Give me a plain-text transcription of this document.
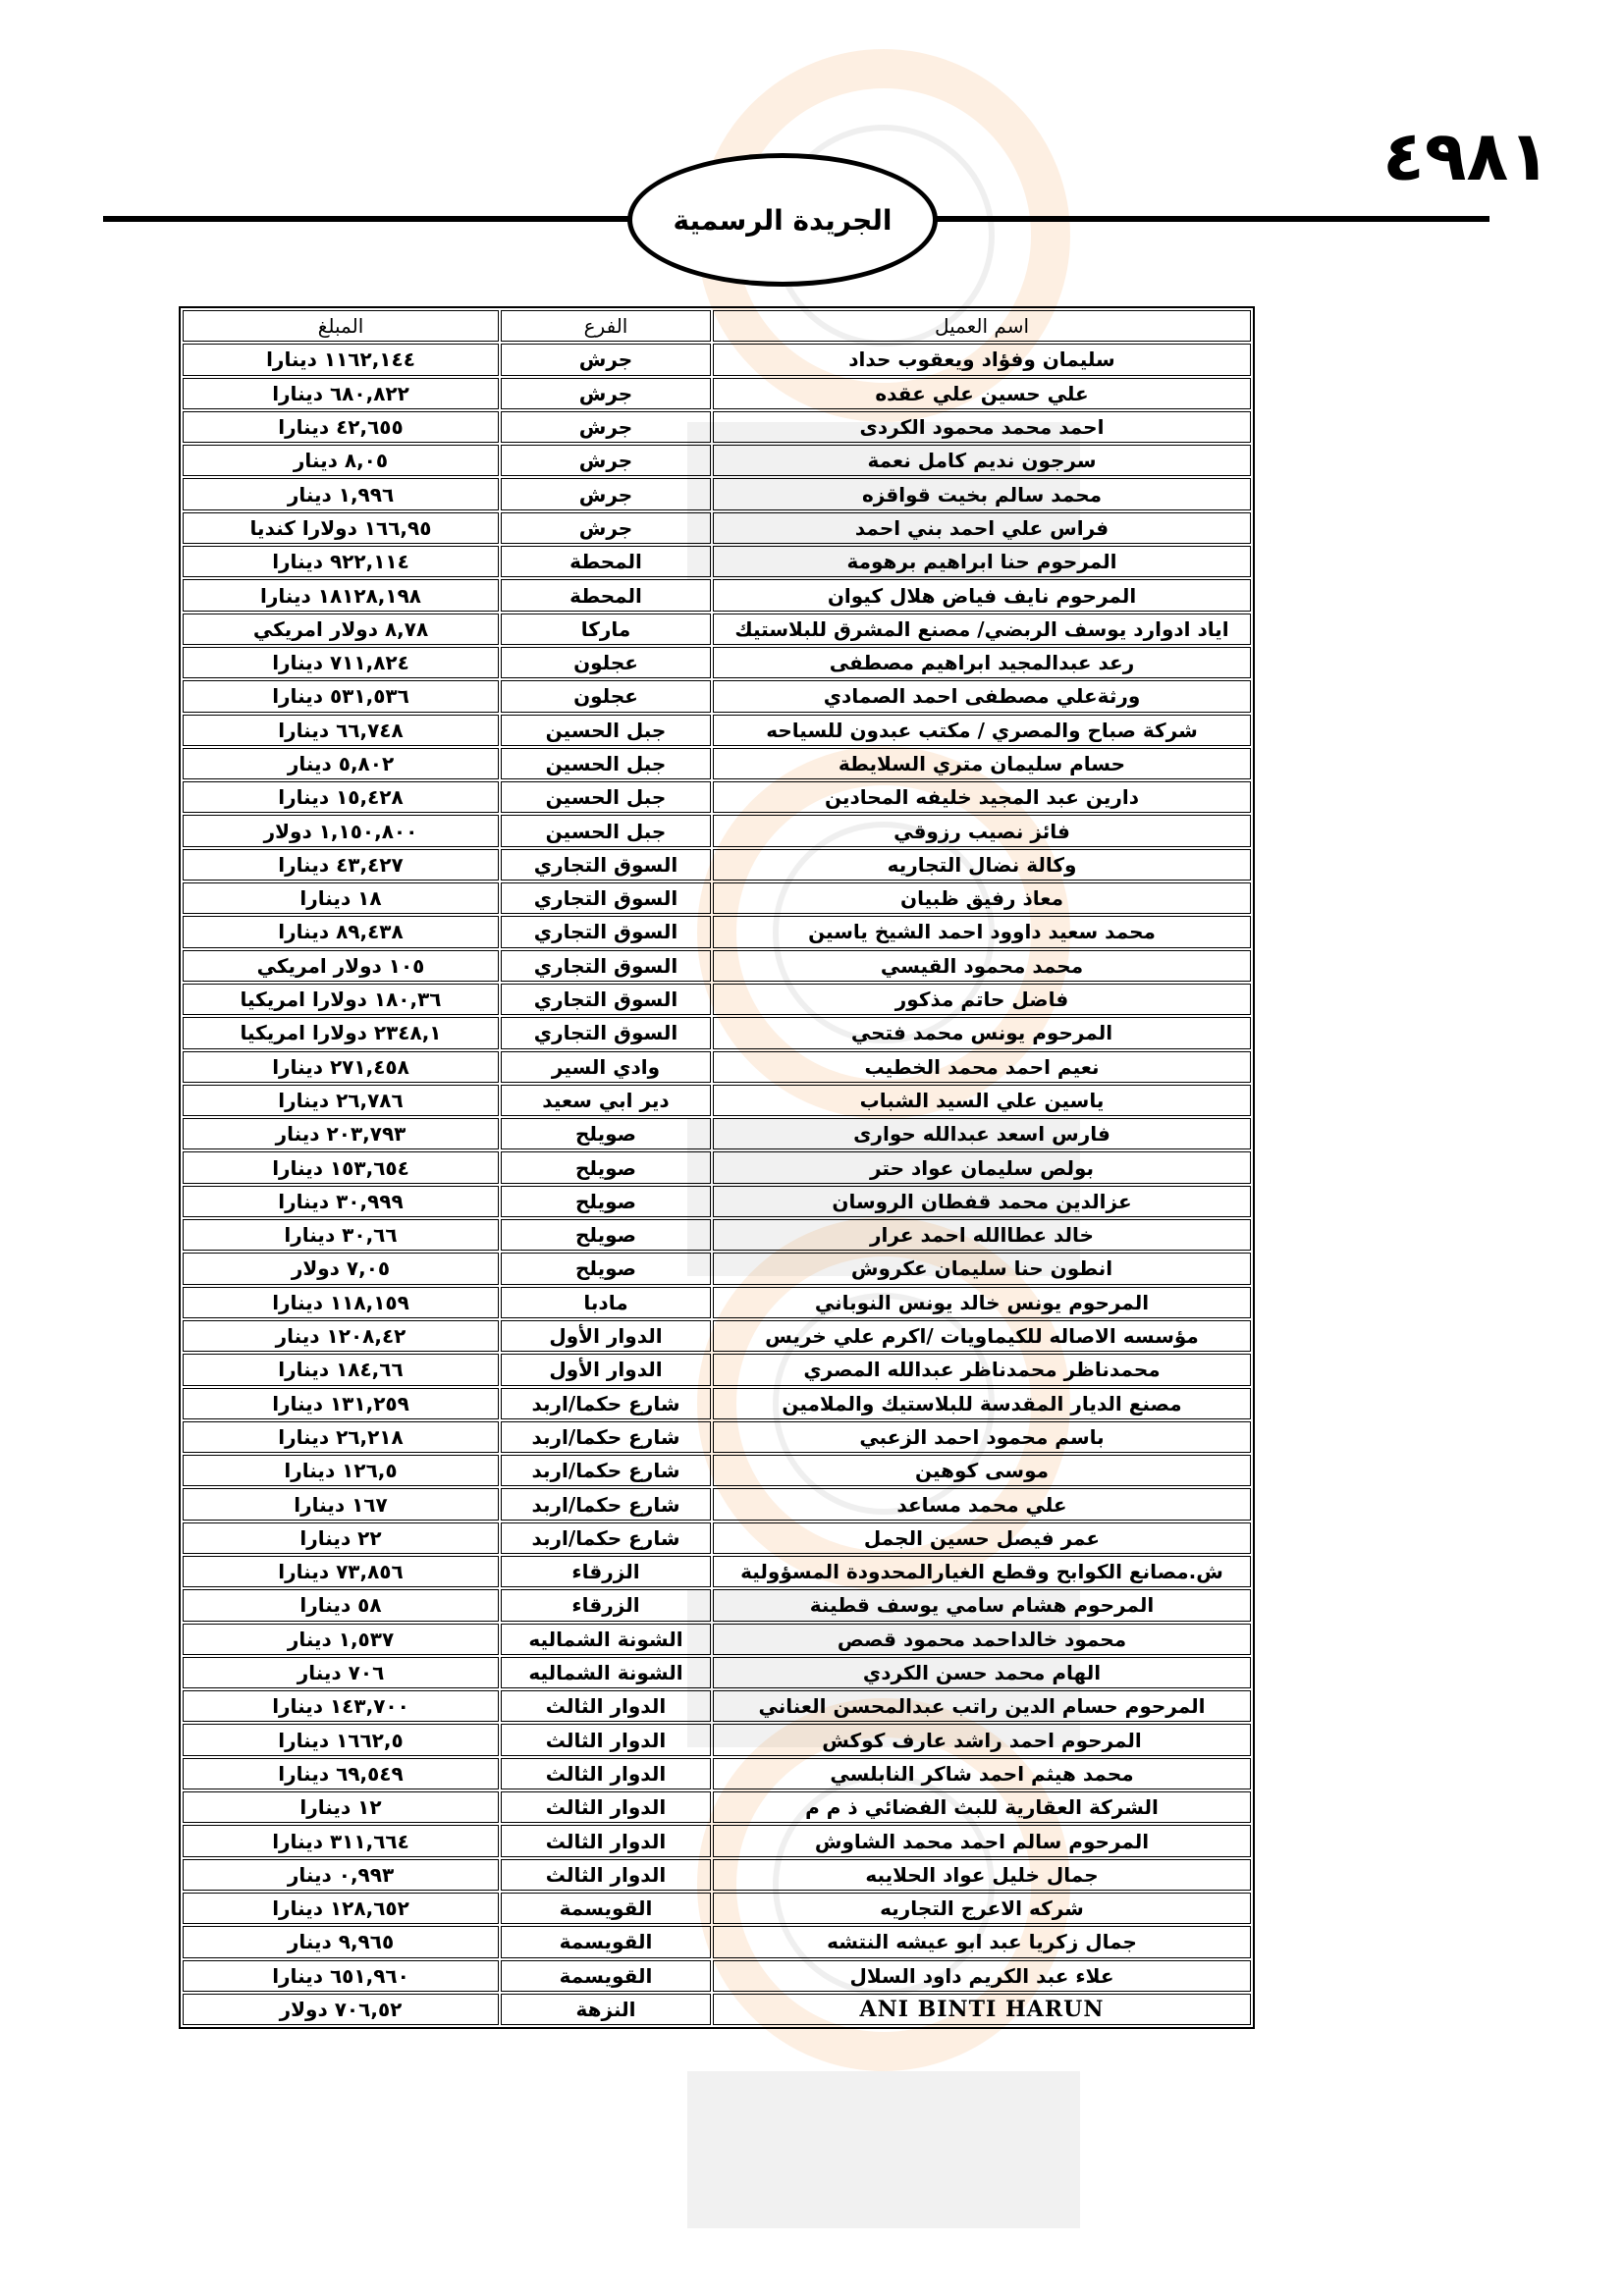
٤٩٨١
الجريدة الرسمية
اسم العميل	الفرع	المبلغ
سليمان وفؤاد ويعقوب حداد	جرش	١١٦٢,١٤٤ دينارا
علي حسين علي عقده	جرش	٦٨٠,٨٢٢ دينارا
احمد محمد محمود الكردى	جرش	٤٢,٦٥٥ دينارا
سرجون نديم كامل نعمة	جرش	٨,٠٥ دينار
محمد سالم بخيت قواقزه	جرش	١,٩٩٦ دينار
فراس علي احمد بني احمد	جرش	١٦٦,٩٥ دولارا كنديا
المرحوم حنا ابراهيم برهومة	المحطة	٩٢٢,١١٤ دينارا
المرحوم نايف فياض هلال كيوان	المحطة	١٨١٢٨,١٩٨ دينارا
اياد ادوارد يوسف الربضي/ مصنع المشرق للبلاستيك	ماركا	٨,٧٨ دولار امريكي
رعد عبدالمجيد ابراهيم مصطفى	عجلون	٧١١,٨٢٤ دينارا
ورثةعلي مصطفى احمد الصمادي	عجلون	٥٣١,٥٣٦ دينارا
شركة صباح والمصري / مكتب عبدون للسياحه	جبل الحسين	٦٦,٧٤٨ دينارا
حسام سليمان متري السلايطة	جبل الحسين	٥,٨٠٢ دينار
دارين عبد المجيد خليفه المحادين	جبل الحسين	١٥,٤٢٨ دينارا
فائز نصيب رزوقي	جبل الحسين	١,١٥٠,٨٠٠ دولار
وكالة نضال التجاريه	السوق التجاري	٤٣,٤٢٧ دينارا
معاذ رفيق ظبيان	السوق التجاري	١٨ دينارا
محمد سعيد داوود احمد الشيخ ياسين	السوق التجاري	٨٩,٤٣٨ دينارا
محمد محمود القيسي	السوق التجاري	١٠٥ دولار امريكي
فاضل حاتم مذكور	السوق التجاري	١٨٠,٣٦ دولارا امريكيا
المرحوم يونس محمد فتحي	السوق التجاري	٢٣٤٨,١ دولارا امريكيا
نعيم احمد محمد الخطيب	وادي السير	٢٧١,٤٥٨ دينارا
ياسين علي السيد الشباب	دير ابي سعيد	٢٦,٧٨٦ دينارا
فارس اسعد عبدالله حوارى	صويلح	٢٠٣,٧٩٣ دينار
بولص سليمان عواد حتر	صويلح	١٥٣,٦٥٤ دينارا
عزالدين محمد قفطان الروسان	صويلح	٣٠,٩٩٩ دينارا
خالد عطاالله احمد عرار	صويلح	٣٠,٦٦ دينارا
انطون حنا سليمان عكروش	صويلح	٧,٠٥ دولار
المرحوم يونس خالد يونس النوباني	مادبا	١١٨,١٥٩ دينارا
مؤسسه الاصاله للكيماويات /اكرم علي خريس	الدوار الأول	١٢٠٨,٤٢ دينار
محمدناظر محمدناظر عبدالله المصري	الدوار الأول	١٨٤,٦٦ دينارا
مصنع الديار المقدسة للبلاستيك والملامين	شارع حكما/اربد	١٣١,٢٥٩ دينارا
باسم محمود احمد الزعبي	شارع حكما/اربد	٢٦,٢١٨ دينارا
موسى كوهين	شارع حكما/اربد	١٢٦,٥ دينارا
علي محمد مساعد	شارع حكما/اربد	١٦٧ دينارا
عمر فيصل حسين الجمل	شارع حكما/اربد	٢٢ دينارا
ش.مصانع الكوابح وقطع الغيارالمحدودة المسؤولية	الزرقاء	٧٣,٨٥٦ دينارا
المرحوم هشام سامي يوسف قطينة	الزرقاء	٥٨ دينارا
محمود خالداحمد محمود قصص	الشونة الشماليه	١,٥٣٧ دينار
الهام محمد حسن الكردي	الشونة الشماليه	٧٠٦ دينار
المرحوم حسام الدين راتب عبدالمحسن العناني	الدوار الثالث	١٤٣,٧٠٠ دينارا
المرحوم احمد راشد عارف كوكش	الدوار الثالث	١٦٦٢,٥ دينارا
محمد هيثم احمد شاكر النابلسي	الدوار الثالث	٦٩,٥٤٩ دينارا
الشركة العقارية للبث الفضائي ذ م م	الدوار الثالث	١٢ دينارا
المرحوم سالم احمد محمد الشاوش	الدوار الثالث	٣١١,٦٦٤ دينارا
جمال خليل عواد الحلايبه	الدوار الثالث	٠,٩٩٣ دينار
شركه الاعرج التجاريه	القويسمة	١٢٨,٦٥٢ دينارا
جمال زكريا عبد ابو عيشه النتشه	القويسمة	٩,٩٦٥ دينار
علاء عبد الكريم داود السلال	القويسمة	٦٥١,٩٦٠ دينارا
ANI BINTI HARUN	النزهة	٧٠٦,٥٢ دولار
